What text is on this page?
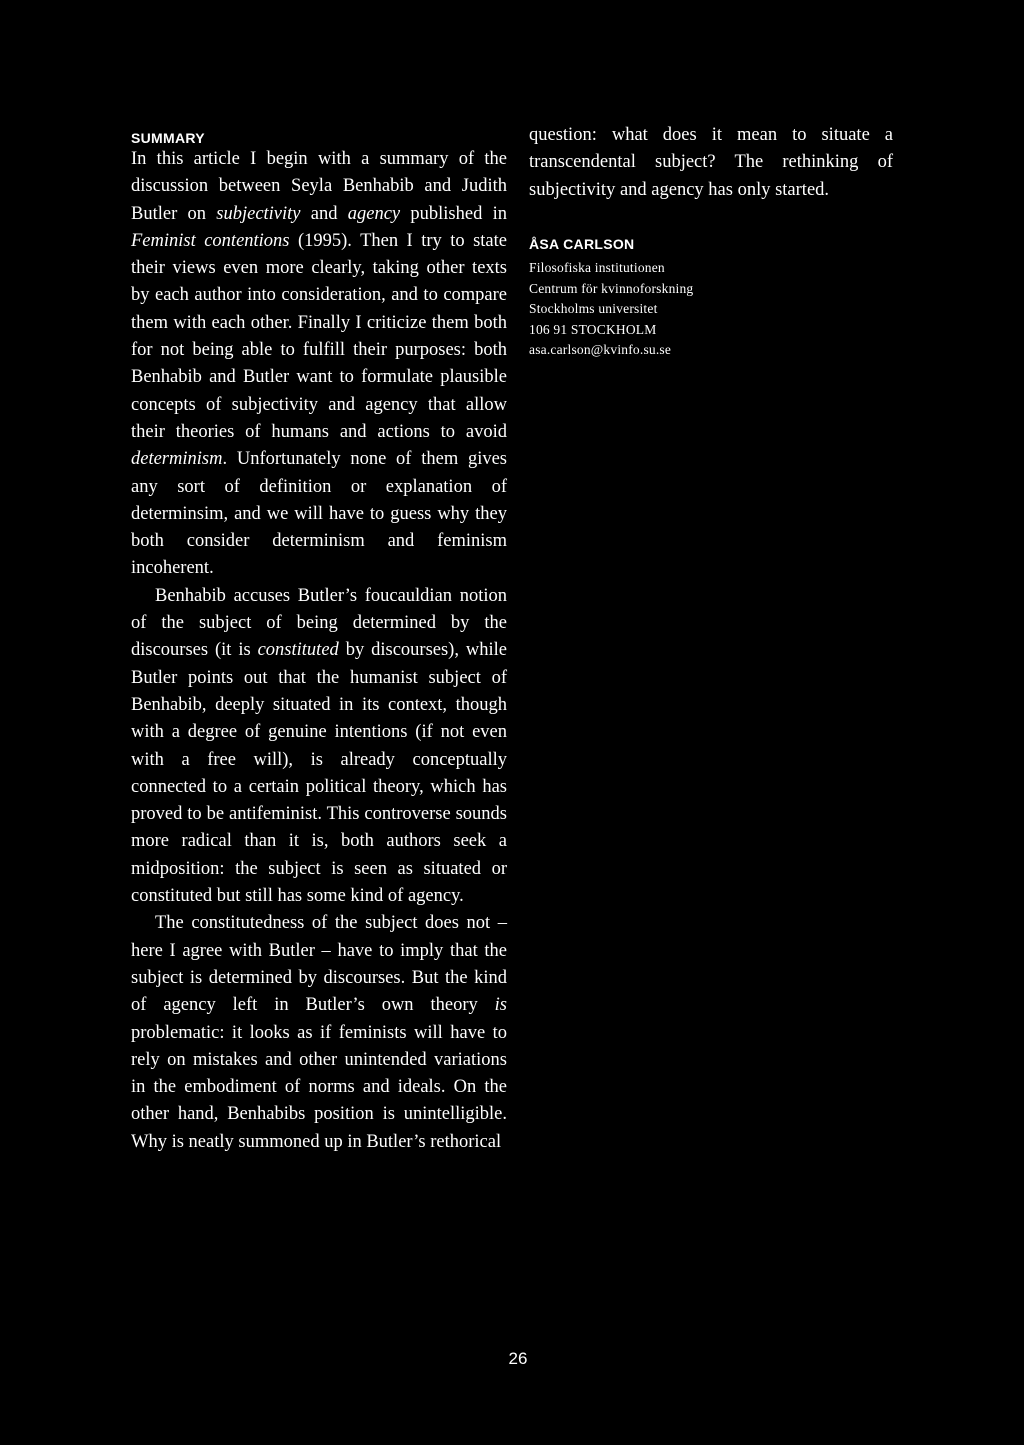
SUMMARY

In this article I begin with a summary of the discussion between Seyla Benhabib and Judith Butler on subjectivity and agency published in Feminist contentions (1995). Then I try to state their views even more clearly, taking other texts by each author into consideration, and to compare them with each other. Finally I criticize them both for not being able to fulfill their purposes: both Benhabib and Butler want to formulate plausible concepts of subjectivity and agency that allow their theories of humans and actions to avoid determinism. Unfortunately none of them gives any sort of definition or explanation of determinsim, and we will have to guess why they both consider determinism and feminism incoherent.

Benhabib accuses Butler’s foucauldian notion of the subject of being determined by the discourses (it is constituted by discourses), while Butler points out that the humanist subject of Benhabib, deeply situated in its context, though with a degree of genuine intentions (if not even with a free will), is already conceptually connected to a certain political theory, which has proved to be antifeminist. This controverse sounds more radical than it is, both authors seek a midposition: the subject is seen as situated or constituted but still has some kind of agency.

The constitutedness of the subject does not – here I agree with Butler – have to imply that the subject is determined by discourses. But the kind of agency left in Butler’s own theory is problematic: it looks as if feminists will have to rely on mistakes and other unintended variations in the embodiment of norms and ideals. On the other hand, Benhabibs position is unintelligible. Why is neatly summoned up in Butler’s rethorical

question: what does it mean to situate a
transcendental subject? The rethinking of
subjectivity and agency has only started.
ÅSA CARLSON
Filosofiska institutionen
Centrum för kvinnoforskning
Stockholms universitet
106 91 STOCKHOLM
asa.carlson@kvinfo.su.se
26
